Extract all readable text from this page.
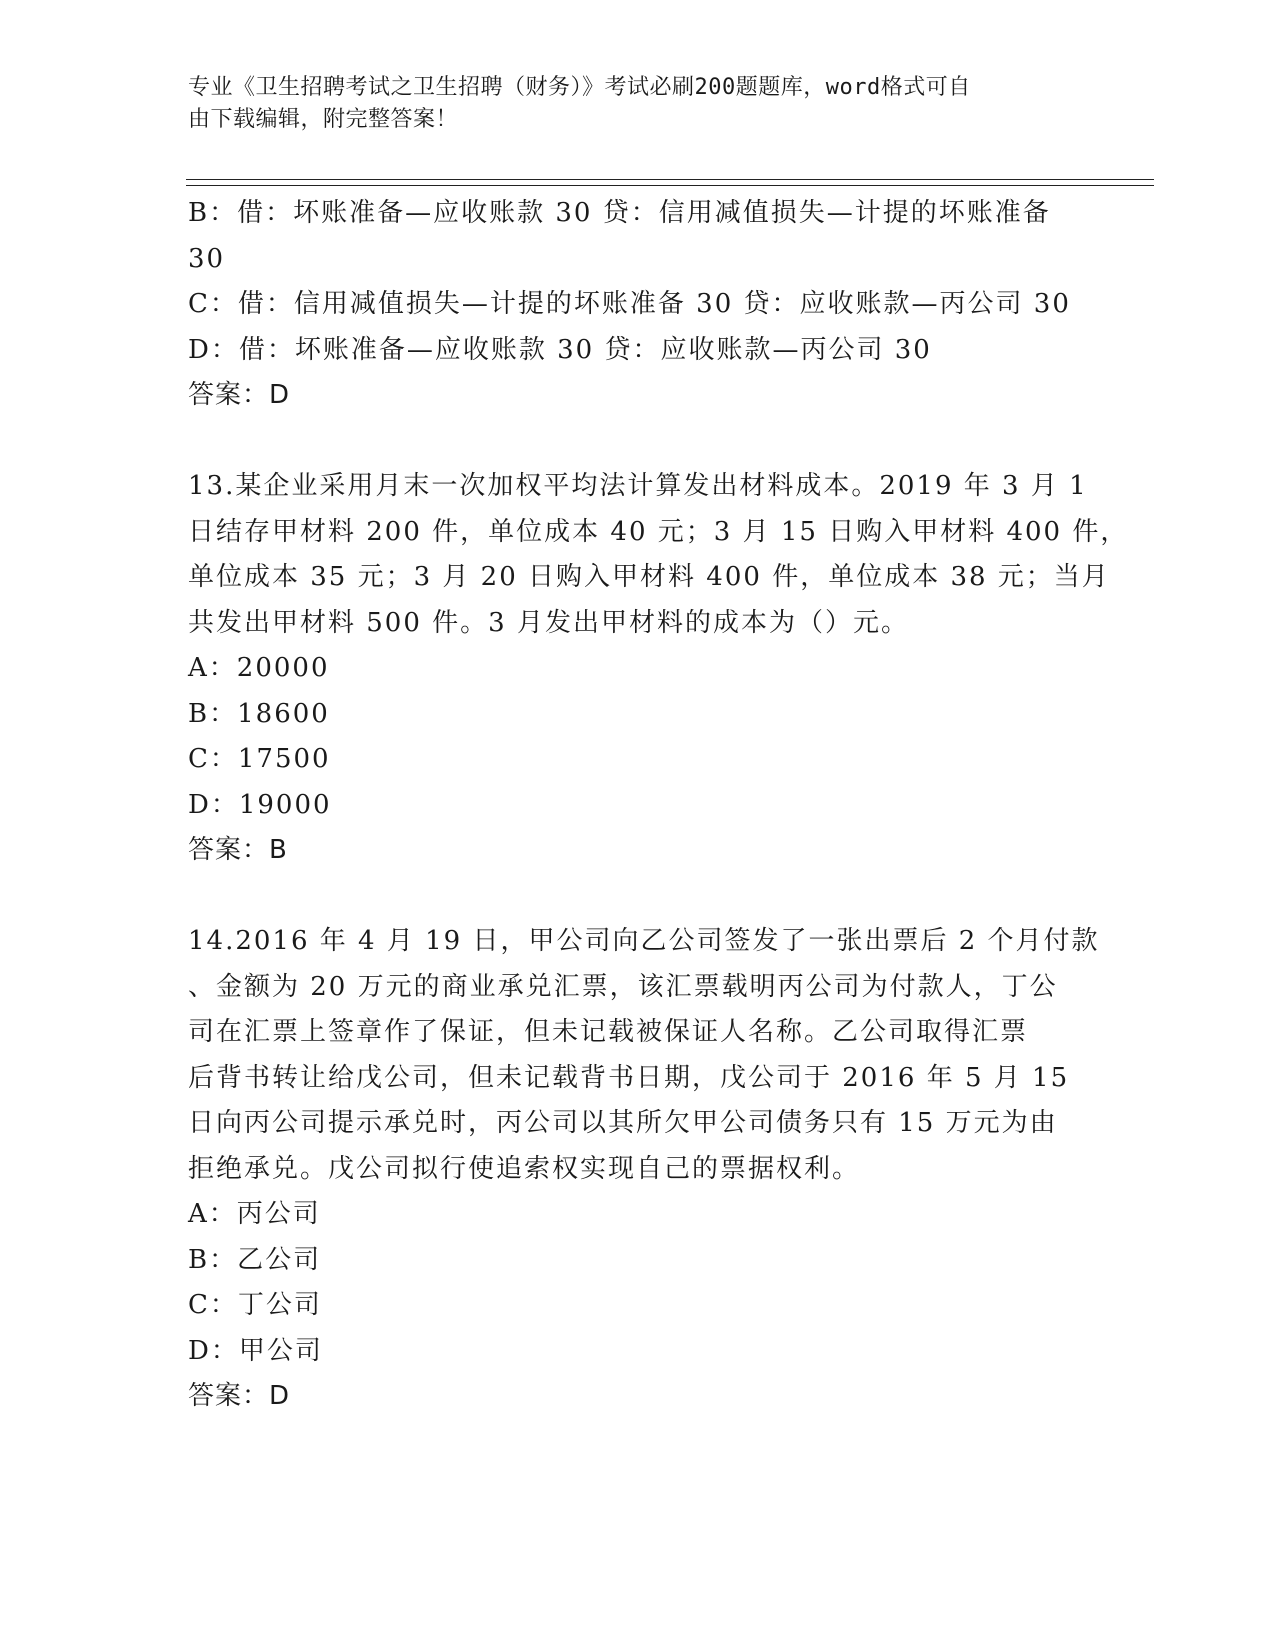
专业《卫生招聘考试之卫生招聘（财务）》考试必刷200题题库，word格式可自
由下载编辑，附完整答案！
B：借：坏账准备—应收账款 30 贷：信用减值损失—计提的坏账准备
30
C：借：信用减值损失—计提的坏账准备 30 贷：应收账款—丙公司 30
D：借：坏账准备—应收账款 30 贷：应收账款—丙公司 30
答案：D
13.某企业采用月末一次加权平均法计算发出材料成本。2019 年 3 月 1
日结存甲材料 200 件，单位成本 40 元；3 月 15 日购入甲材料 400 件，
单位成本 35 元；3 月 20 日购入甲材料 400 件，单位成本 38 元；当月
共发出甲材料 500 件。3 月发出甲材料的成本为（）元。
A：20000
B：18600
C：17500
D：19000
答案：B
14.2016 年 4 月 19 日，甲公司向乙公司签发了一张出票后 2 个月付款
、金额为 20 万元的商业承兑汇票，该汇票载明丙公司为付款人，丁公
司在汇票上签章作了保证，但未记载被保证人名称。乙公司取得汇票
后背书转让给戊公司，但未记载背书日期，戊公司于 2016 年 5 月 15
日向丙公司提示承兑时，丙公司以其所欠甲公司债务只有 15 万元为由
拒绝承兑。戊公司拟行使追索权实现自己的票据权利。
A：丙公司
B：乙公司
C：丁公司
D：甲公司
答案：D
